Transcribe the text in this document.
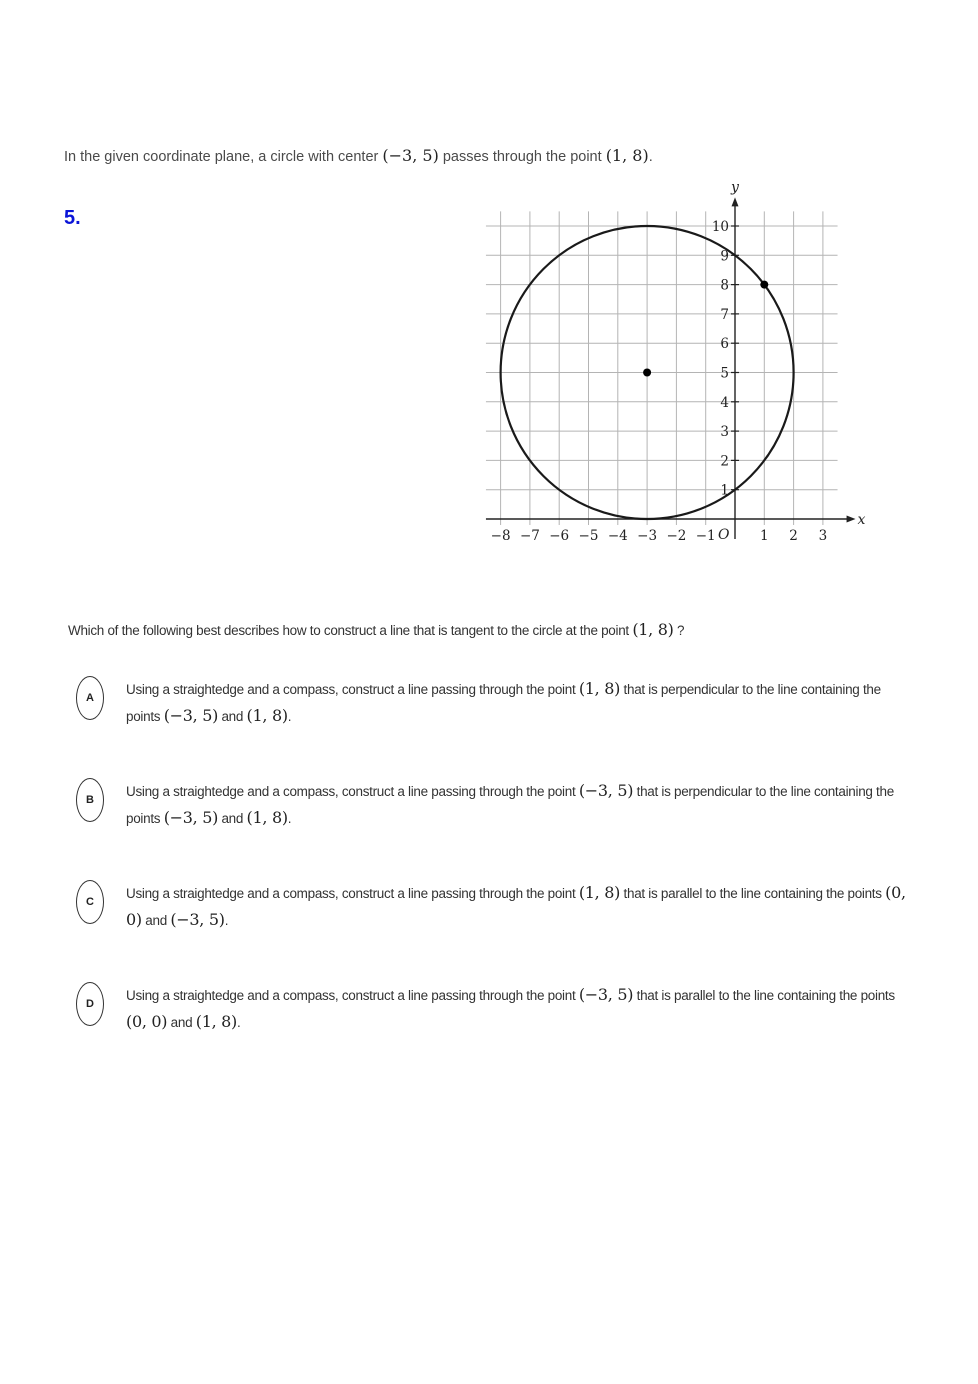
In the given coordinate plane, a circle with center (−3, 5) passes through the point (1, 8).
5.
x
y
O
−8 −7 −6 −5 −4 −3 −2 −1	1 2 3
1
2
3
4
5
6
7
8
9
10
Which of the following best describes how to construct a line that is tangent to the circle at the point (1, 8) ?
A
Using a straightedge and a compass, construct a line passing through the point (1, 8) that is perpendicular to the line containing the points (−3, 5) and (1, 8).
B
Using a straightedge and a compass, construct a line passing through the point (−3, 5) that is perpendicular to the line containing the points (−3, 5) and (1, 8).
C
Using a straightedge and a compass, construct a line passing through the point (1, 8) that is parallel to the line containing the points (0, 0) and (−3, 5).
D
Using a straightedge and a compass, construct a line passing through the point (−3, 5) that is parallel to the line containing the points (0, 0) and (1, 8).
